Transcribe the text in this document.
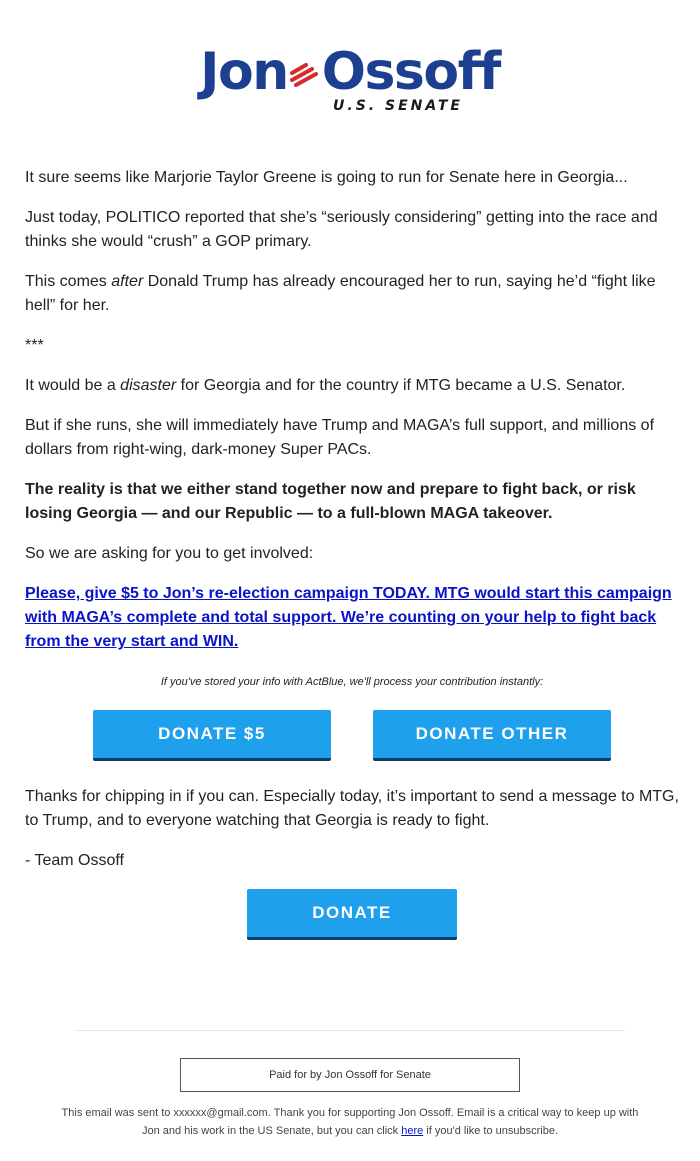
Jon Ossoff
U.S. SENATE

It sure seems like Marjorie Taylor Greene is going to run for Senate here in Georgia...

Just today, POLITICO reported that she’s “seriously considering” getting into the race and thinks she would “crush” a GOP primary.

This comes after Donald Trump has already encouraged her to run, saying he’d “fight like hell” for her.

***

It would be a disaster for Georgia and for the country if MTG became a U.S. Senator.

But if she runs, she will immediately have Trump and MAGA’s full support, and millions of dollars from right-wing, dark-money Super PACs.

The reality is that we either stand together now and prepare to fight back, or risk losing Georgia — and our Republic — to a full-blown MAGA takeover.

So we are asking for you to get involved:

Please, give $5 to Jon’s re-election campaign TODAY. MTG would start this campaign with MAGA’s complete and total support. We’re counting on your help to fight back from the very start and WIN.

If you've stored your info with ActBlue, we'll process your contribution instantly:

DONATE $5	DONATE OTHER

Thanks for chipping in if you can. Especially today, it’s important to send a message to MTG, to Trump, and to everyone watching that Georgia is ready to fight.

- Team Ossoff

DONATE
Paid for by Jon Ossoff for Senate
This email was sent to xxxxxx@gmail.com. Thank you for supporting Jon Ossoff. Email is a critical way to keep up with Jon and his work in the US Senate, but you can click here if you'd like to unsubscribe.
